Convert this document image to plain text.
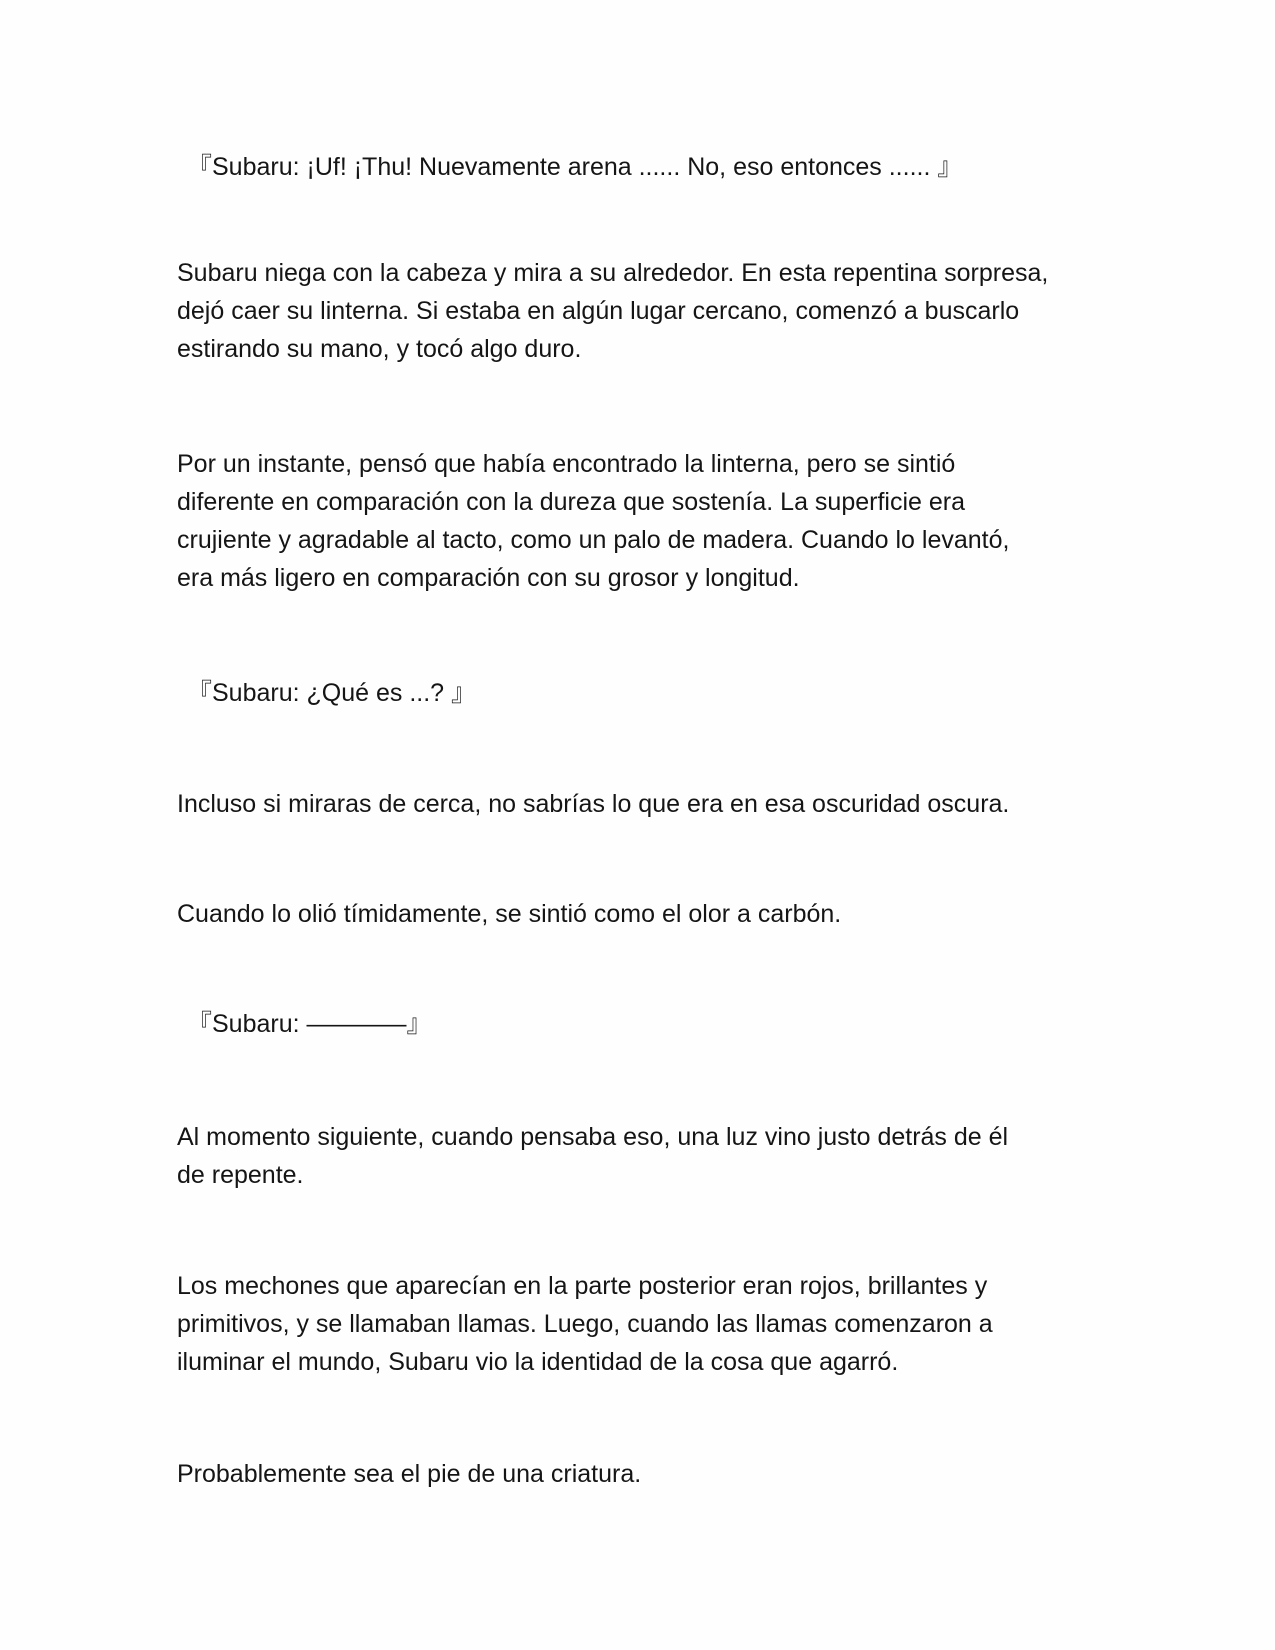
『Subaru: ¡Uf! ¡Thu! Nuevamente arena ...... No, eso entonces ...... 』

Subaru niega con la cabeza y mira a su alrededor. En esta repentina sorpresa,
dejó caer su linterna. Si estaba en algún lugar cercano, comenzó a buscarlo
estirando su mano, y tocó algo duro.

Por un instante, pensó que había encontrado la linterna, pero se sintió
diferente en comparación con la dureza que sostenía. La superficie era
crujiente y agradable al tacto, como un palo de madera. Cuando lo levantó,
era más ligero en comparación con su grosor y longitud.

『Subaru: ¿Qué es ...? 』

Incluso si miraras de cerca, no sabrías lo que era en esa oscuridad oscura.

Cuando lo olió tímidamente, se sintió como el olor a carbón.

『Subaru: ————』

Al momento siguiente, cuando pensaba eso, una luz vino justo detrás de él
de repente.

Los mechones que aparecían en la parte posterior eran rojos, brillantes y
primitivos, y se llamaban llamas. Luego, cuando las llamas comenzaron a
iluminar el mundo, Subaru vio la identidad de la cosa que agarró.

Probablemente sea el pie de una criatura.
